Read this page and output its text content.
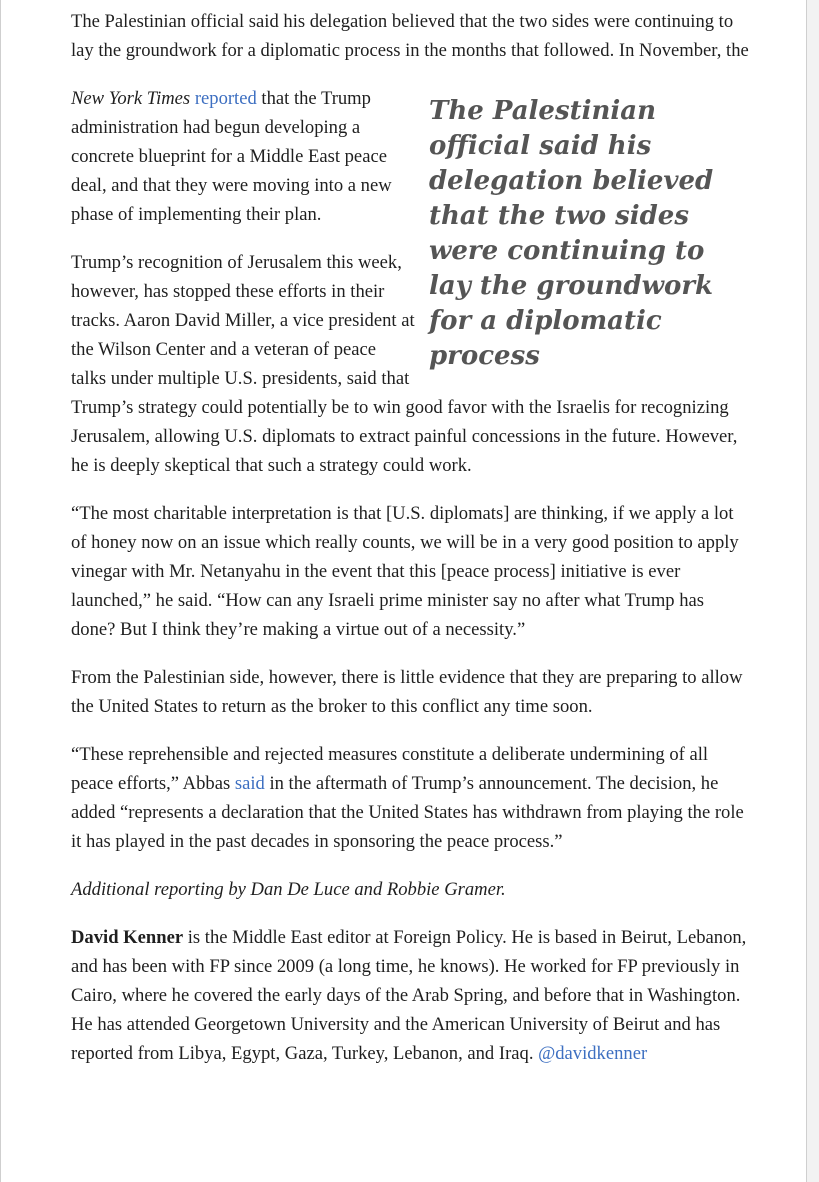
The Palestinian official said his delegation believed that the two sides were continuing to lay the groundwork for a diplomatic process in the months that followed. In November, the

The Palestinian official said his delegation believed that the two sides were continuing to lay the groundwork for a diplomatic process
New York Times reported that the Trump administration had begun developing a concrete blueprint for a Middle East peace deal, and that they were moving into a new phase of implementing their plan.

Trump’s recognition of Jerusalem this week, however, has stopped these efforts in their tracks. Aaron David Miller, a vice president at the Wilson Center and a veteran of peace talks under multiple U.S. presidents, said that Trump’s strategy could potentially be to win good favor with the Israelis for recognizing Jerusalem, allowing U.S. diplomats to extract painful concessions in the future. However, he is deeply skeptical that such a strategy could work.

“The most charitable interpretation is that [U.S. diplomats] are thinking, if we apply a lot of honey now on an issue which really counts, we will be in a very good position to apply vinegar with Mr. Netanyahu in the event that this [peace process] initiative is ever launched,” he said. “How can any Israeli prime minister say no after what Trump has done? But I think they’re making a virtue out of a necessity.”

From the Palestinian side, however, there is little evidence that they are preparing to allow the United States to return as the broker to this conflict any time soon.

“These reprehensible and rejected measures constitute a deliberate undermining of all peace efforts,” Abbas said in the aftermath of Trump’s announcement. The decision, he added “represents a declaration that the United States has withdrawn from playing the role it has played in the past decades in sponsoring the peace process.”

Additional reporting by Dan De Luce and Robbie Gramer.

David Kenner is the Middle East editor at Foreign Policy. He is based in Beirut, Lebanon, and has been with FP since 2009 (a long time, he knows). He worked for FP previously in Cairo, where he covered the early days of the Arab Spring, and before that in Washington. He has attended Georgetown University and the American University of Beirut and has reported from Libya, Egypt, Gaza, Turkey, Lebanon, and Iraq. @davidkenner
